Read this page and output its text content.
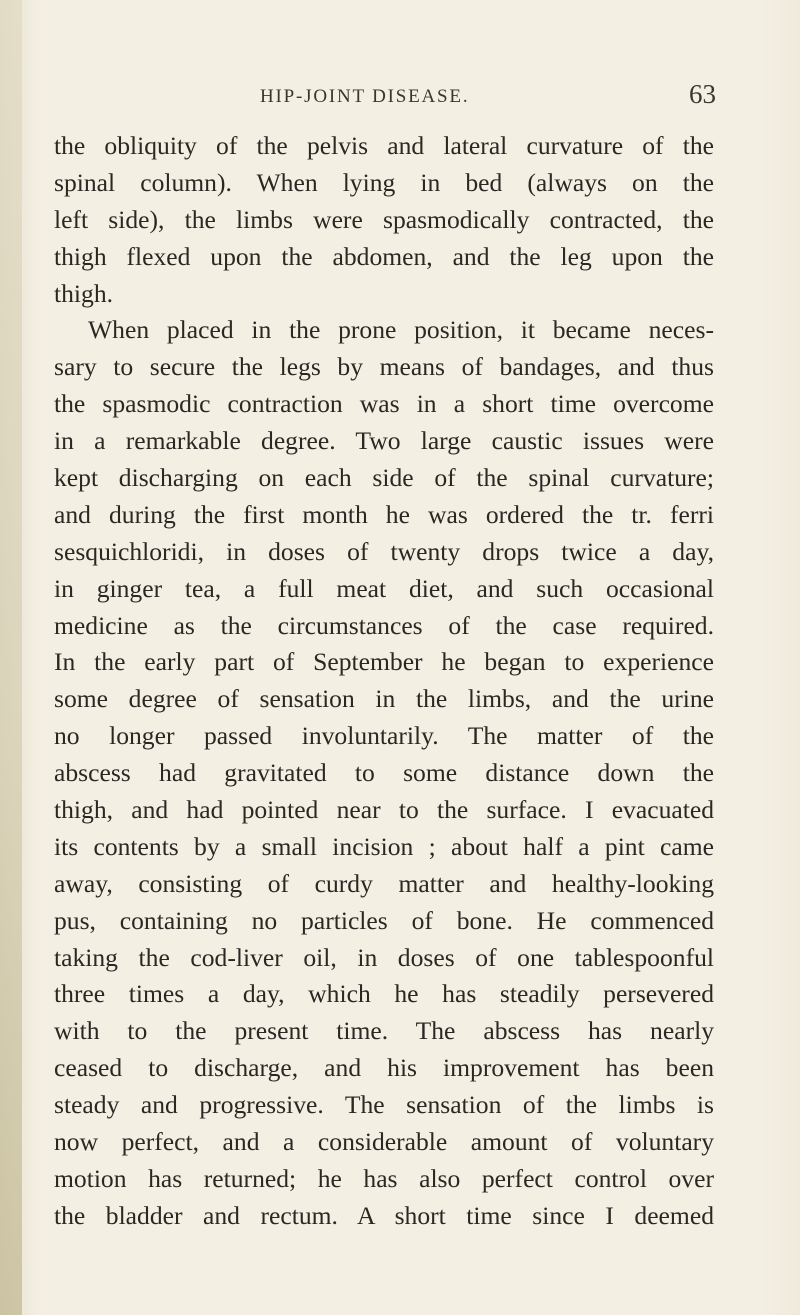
HIP-JOINT DISEASE.	63
the obliquity of the pelvis and lateral curvature of the
spinal column). When lying in bed (always on the
left side), the limbs were spasmodically contracted, the
thigh flexed upon the abdomen, and the leg upon the
thigh.
When placed in the prone position, it became neces-
sary to secure the legs by means of bandages, and thus
the spasmodic contraction was in a short time overcome
in a remarkable degree. Two large caustic issues were
kept discharging on each side of the spinal curvature;
and during the first month he was ordered the tr. ferri
sesquichloridi, in doses of twenty drops twice a day,
in ginger tea, a full meat diet, and such occasional
medicine as the circumstances of the case required.
In the early part of September he began to experience
some degree of sensation in the limbs, and the urine
no longer passed involuntarily. The matter of the
abscess had gravitated to some distance down the
thigh, and had pointed near to the surface. I evacuated
its contents by a small incision ; about half a pint came
away, consisting of curdy matter and healthy-looking
pus, containing no particles of bone. He commenced
taking the cod-liver oil, in doses of one tablespoonful
three times a day, which he has steadily persevered
with to the present time. The abscess has nearly
ceased to discharge, and his improvement has been
steady and progressive. The sensation of the limbs is
now perfect, and a considerable amount of voluntary
motion has returned; he has also perfect control over
the bladder and rectum. A short time since I deemed
